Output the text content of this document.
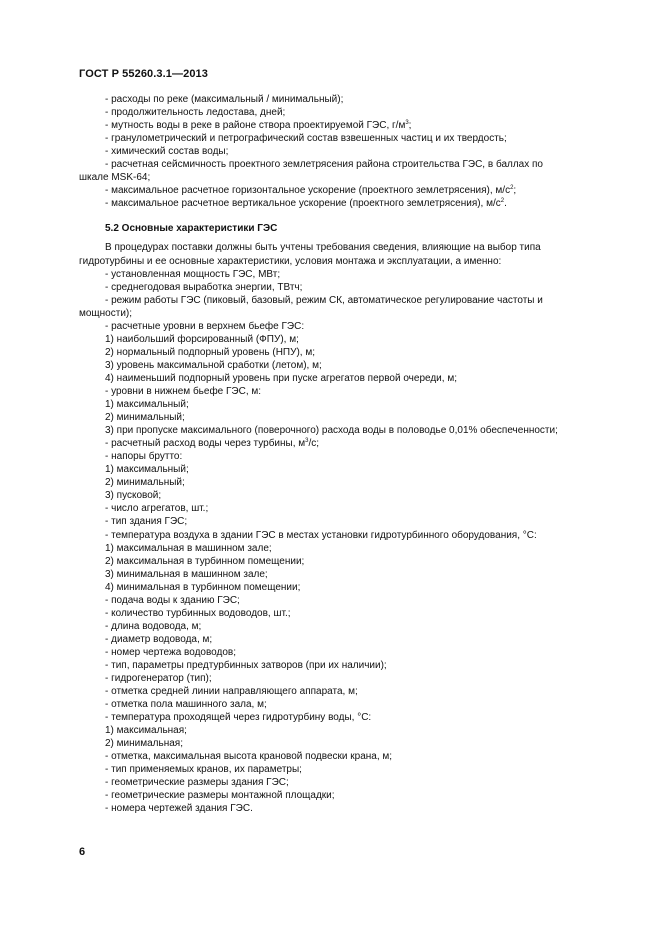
ГОСТ Р 55260.3.1—2013

- расходы по реке (максимальный / минимальный);

- продолжительность ледостава, дней;

- мутность воды в реке в районе створа проектируемой ГЭС, $г/м^3$;

- гранулометрический и петрографический состав взвешенных частиц и их твердость;

- химический состав воды;

- расчетная сейсмичность проектного землетрясения района строительства ГЭС, в баллах по

шкале MSK-64;

- максимальное расчетное горизонтальное ускорение (проектного землетрясения), $м/с^2$;

- максимальное расчетное вертикальное ускорение (проектного землетрясения), $м/с^2$.

5.2 Основные характеристики ГЭС

В процедурах поставки должны быть учтены требования сведения, влияющие на выбор типа

гидротурбины и ее основные характеристики, условия монтажа и эксплуатации, а именно:

- установленная мощность ГЭС, МВт;

- среднегодовая выработка энергии, ТВтч;

- режим работы ГЭС (пиковый, базовый, режим СК, автоматическое регулирование частоты и

мощности);

- расчетные уровни в верхнем бьефе ГЭС:

1) наибольший форсированный (ФПУ), м;

2) нормальный подпорный уровень (НПУ), м;

3) уровень максимальной сработки (летом), м;

4) наименьший подпорный уровень при пуске агрегатов первой очереди, м;

- уровни в нижнем бьефе ГЭС, м:

1) максимальный;

2) минимальный;

3) при пропуске максимального (поверочного) расхода воды в половодье 0,01% обеспеченности;

- расчетный расход воды через турбины, $м^3/с$;

- напоры брутто:

1) максимальный;

2) минимальный;

3) пусковой;

- число агрегатов, шт.;

- тип здания ГЭС;

- температура воздуха в здании ГЭС в местах установки гидротурбинного оборудования, °С:

1) максимальная в машинном зале;

2) максимальная в турбинном помещении;

3) минимальная в машинном зале;

4) минимальная в турбинном помещении;

- подача воды к зданию ГЭС;

- количество турбинных водоводов, шт.;

- длина водовода, м;

- диаметр водовода, м;

- номер чертежа водоводов;

- тип, параметры предтурбинных затворов (при их наличии);

- гидрогенератор (тип);

- отметка средней линии направляющего аппарата, м;

- отметка пола машинного зала, м;

- температура проходящей через гидротурбину воды, °С:

1) максимальная;

2) минимальная;

- отметка, максимальная высота крановой подвески крана, м;

- тип применяемых кранов, их параметры;

- геометрические размеры здания ГЭС;

- геометрические размеры монтажной площадки;

- номера чертежей здания ГЭС.

6
